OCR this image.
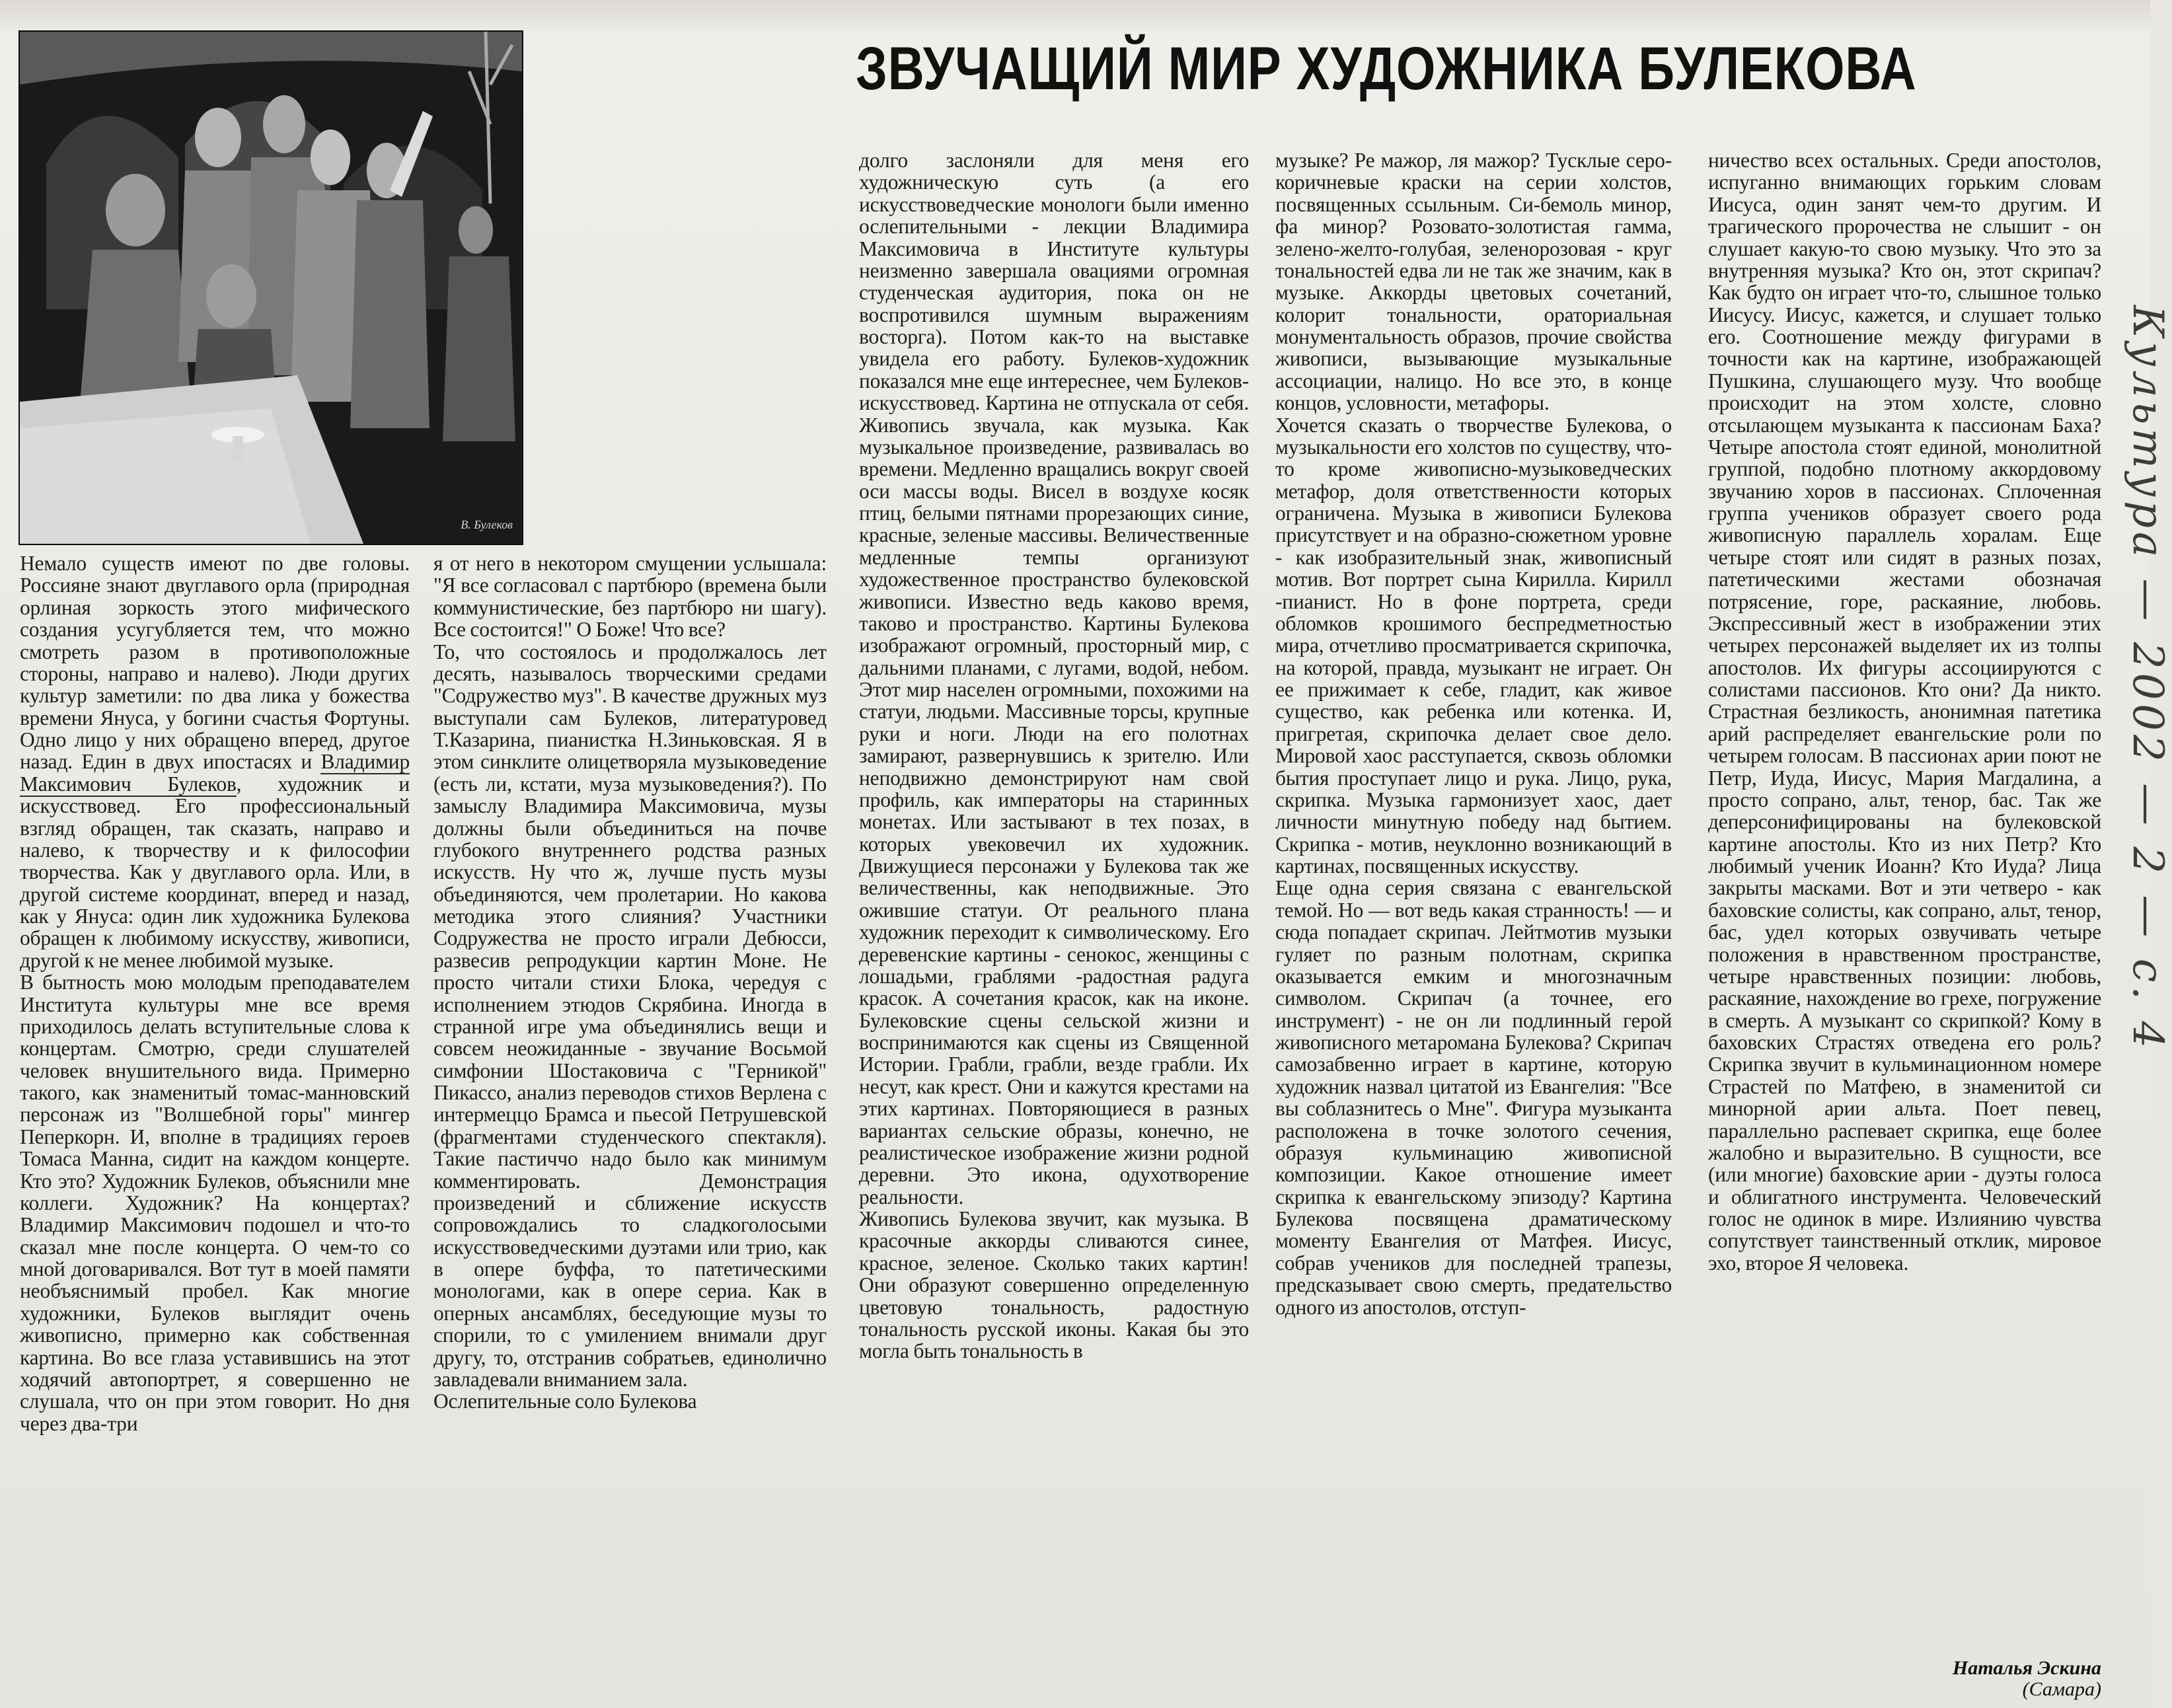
В. Булеков
ЗВУЧАЩИЙ МИР ХУДОЖНИКА БУЛЕКОВА

Немало существ имеют по две головы. Россияне знают двуглавого орла (природная орлиная зоркость этого мифического создания усугубляется тем, что можно смотреть разом в противоположные стороны, направо и налево). Люди других культур заметили: по два лика у божества времени Януса, у богини счастья Фортуны. Одно лицо у них обращено вперед, другое назад. Един в двух ипостасях и Владимир Максимович Булеков, художник и искусствовед. Его профессиональный взгляд обращен, так сказать, направо и налево, к творчеству и к философии творчества. Как у двуглавого орла. Или, в другой системе координат, вперед и назад, как у Януса: один лик художника Булекова обращен к любимому искусству, живописи, другой к не менее любимой музыке.

В бытность мою молодым преподавателем Института культуры мне все время приходилось делать вступительные слова к концертам. Смотрю, среди слушателей человек внушительного вида. Примерно такого, как знаменитый томас-манновский персонаж из "Волшебной горы" мингер Пеперкорн. И, вполне в традициях героев Томаса Манна, сидит на каждом концерте. Кто это? Художник Булеков, объяснили мне коллеги. Художник? На концертах? Владимир Максимович подошел и что-то сказал мне после концерта. О чем-то со мной договаривался. Вот тут в моей памяти необъяснимый пробел. Как многие художники, Булеков выглядит очень живописно, примерно как собственная картина. Во все глаза уставившись на этот ходячий автопортрет, я совершенно не слушала, что он при этом говорит. Но дня через два-три

я от него в некотором смущении услышала: "Я все согласовал с партбюро (времена были коммунистические, без партбюро ни шагу). Все состоится!" О Боже! Что все?

То, что состоялось и продолжалось лет десять, называлось творческими средами "Содружество муз". В качестве дружных муз выступали сам Булеков, литературовед Т.Казарина, пианистка Н.Зиньковская. Я в этом синклите олицетворяла музыковедение (есть ли, кстати, муза музыковедения?). По замыслу Владимира Максимовича, музы должны были объединиться на почве глубокого внутреннего родства разных искусств. Ну что ж, лучше пусть музы объединяются, чем пролетарии. Но какова методика этого слияния? Участники Содружества не просто играли Дебюсси, развесив репродукции картин Моне. Не просто читали стихи Блока, чередуя с исполнением этюдов Скрябина. Иногда в странной игре ума объединялись вещи и совсем неожиданные - звучание Восьмой симфонии Шостаковича с "Герникой" Пикассо, анализ переводов стихов Верлена с интермеццо Брамса и пьесой Петрушевской (фрагментами студенческого спектакля). Такие пастиччо надо было как минимум комментировать. Демонстрация произведений и сближение искусств сопровождались то сладкоголосыми искусствоведческими дуэтами или трио, как в опере буффа, то патетическими монологами, как в опере сериа. Как в оперных ансамблях, беседующие музы то спорили, то с умилением внимали друг другу, то, отстранив собратьев, единолично завладевали вниманием зала.

Ослепительные соло Булекова

долго заслоняли для меня его художническую суть (а его искусствоведческие монологи были именно ослепительными - лекции Владимира Максимовича в Институте культуры неизменно завершала овациями огромная студенческая аудитория, пока он не воспротивился шумным выражениям восторга). Потом как-то на выставке увидела его работу. Булеков-художник показался мне еще интереснее, чем Булеков-искусствовед. Картина не отпускала от себя. Живопись звучала, как музыка. Как музыкальное произведение, развивалась во времени. Медленно вращались вокруг своей оси массы воды. Висел в воздухе косяк птиц, белыми пятнами прорезающих синие, красные, зеленые массивы. Величественные медленные темпы организуют художественное пространство булековской живописи. Известно ведь каково время, таково и пространство. Картины Булекова изображают огромный, просторный мир, с дальними планами, с лугами, водой, небом. Этот мир населен огромными, похожими на статуи, людьми. Массивные торсы, крупные руки и ноги. Люди на его полотнах замирают, развернувшись к зрителю. Или неподвижно демонстрируют нам свой профиль, как императоры на старинных монетах. Или застывают в тех позах, в которых увековечил их художник. Движущиеся персонажи у Булекова так же величественны, как неподвижные. Это ожившие статуи. От реального плана художник переходит к символическому. Его деревенские картины - сенокос, женщины с лошадьми, граблями -радостная радуга красок. А сочетания красок, как на иконе. Булековские сцены сельской жизни и воспринимаются как сцены из Священной Истории. Грабли, грабли, везде грабли. Их несут, как крест. Они и кажутся крестами на этих картинах. Повторяющиеся в разных вариантах сельские образы, конечно, не реалистическое изображение жизни родной деревни. Это икона, одухотворение реальности.

Живопись Булекова звучит, как музыка. В красочные аккорды сливаются синее, красное, зеленое. Сколько таких картин! Они образуют совершенно определенную цветовую тональность, радостную тональность русской иконы. Какая бы это могла быть тональность в

музыке? Ре мажор, ля мажор? Тусклые серо-коричневые краски на серии холстов, посвященных ссыльным. Си-бемоль минор, фа минор? Розовато-золотистая гамма, зелено-желто-голубая, зеленорозовая - круг тональностей едва ли не так же значим, как в музыке. Аккорды цветовых сочетаний, колорит тональности, ораториальная монументальность образов, прочие свойства живописи, вызывающие музыкальные ассоциации, налицо. Но все это, в конце концов, условности, метафоры.

Хочется сказать о творчестве Булекова, о музыкальности его холстов по существу, что-то кроме живописно-музыковедческих метафор, доля ответственности которых ограничена. Музыка в живописи Булекова присутствует и на образно-сюжетном уровне - как изобразительный знак, живописный мотив. Вот портрет сына Кирилла. Кирилл -пианист. Но в фоне портрета, среди обломков крошимого беспредметностью мира, отчетливо просматривается скрипочка, на которой, правда, музыкант не играет. Он ее прижимает к себе, гладит, как живое существо, как ребенка или котенка. И, пригретая, скрипочка делает свое дело. Мировой хаос расступается, сквозь обломки бытия проступает лицо и рука. Лицо, рука, скрипка. Музыка гармонизует хаос, дает личности минутную победу над бытием. Скрипка - мотив, неуклонно возникающий в картинах, посвященных искусству.

Еще одна серия связана с евангельской темой. Но — вот ведь какая странность! — и сюда попадает скрипач. Лейтмотив музыки гуляет по разным полотнам, скрипка оказывается емким и многозначным символом. Скрипач (а точнее, его инструмент) - не он ли подлинный герой живописного метаромана Булекова? Скрипач самозабвенно играет в картине, которую художник назвал цитатой из Евангелия: "Все вы соблазнитесь о Мне". Фигура музыканта расположена в точке золотого сечения, образуя кульминацию живописной композиции. Какое отношение имеет скрипка к евангельскому эпизоду? Картина Булекова посвящена драматическому моменту Евангелия от Матфея. Иисус, собрав учеников для последней трапезы, предсказывает свою смерть, предательство одного из апостолов, отступ-

ничество всех остальных. Среди апостолов, испуганно внимающих горьким словам Иисуса, один занят чем-то другим. И трагического пророчества не слышит - он слушает какую-то свою музыку. Что это за внутренняя музыка? Кто он, этот скрипач? Как будто он играет что-то, слышное только Иисусу. Иисус, кажется, и слушает только его. Соотношение между фигурами в точности как на картине, изображающей Пушкина, слушающего музу. Что вообще происходит на этом холсте, словно отсылающем музыканта к пассионам Баха? Четыре апостола стоят единой, монолитной группой, подобно плотному аккордовому звучанию хоров в пассионах. Сплоченная группа учеников образует своего рода живописную параллель хоралам. Еще четыре стоят или сидят в разных позах, патетическими жестами обозначая потрясение, горе, раскаяние, любовь. Экспрессивный жест в изображении этих четырех персонажей выделяет их из толпы апостолов. Их фигуры ассоциируются с солистами пассионов. Кто они? Да никто. Страстная безликость, анонимная патетика арий распределяет евангельские роли по четырем голосам. В пассионах арии поют не Петр, Иуда, Иисус, Мария Магдалина, а просто сопрано, альт, тенор, бас. Так же деперсонифицированы на булековской картине апостолы. Кто из них Петр? Кто любимый ученик Иоанн? Кто Иуда? Лица закрыты масками. Вот и эти четверо - как баховские солисты, как сопрано, альт, тенор, бас, удел которых озвучивать четыре положения в нравственном пространстве, четыре нравственных позиции: любовь, раскаяние, нахождение во грехе, погружение в смерть. А музыкант со скрипкой? Кому в баховских Страстях отведена его роль? Скрипка звучит в кульминационном номере Страстей по Матфею, в знаменитой си минорной арии альта. Поет певец, параллельно распевает скрипка, еще более жалобно и выразительно. В сущности, все (или многие) баховские арии - дуэты голоса и облигатного инструмента. Человеческий голос не одинок в мире. Излиянию чувства сопутствует таинственный отклик, мировое эхо, второе Я человека.

Наталья Эскина
(Самара)
Культура — 2002 — 2 — с. 4
